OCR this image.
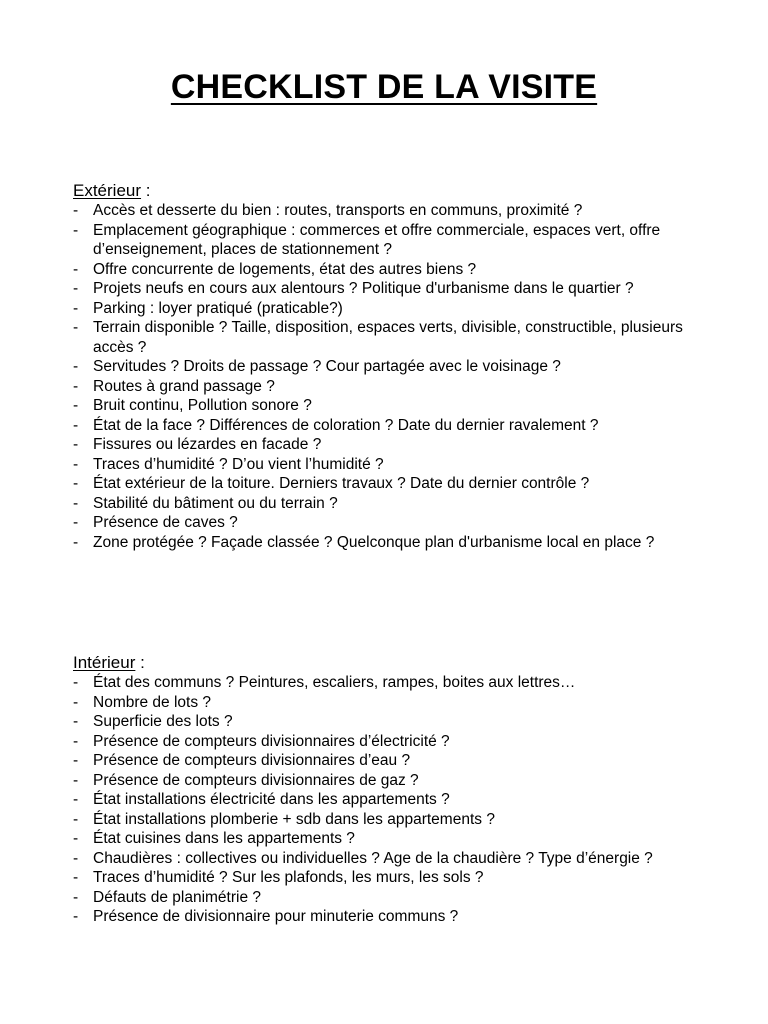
CHECKLIST DE LA VISITE
Extérieur :
- Accès et desserte du bien : routes, transports en communs, proximité ?
- Emplacement géographique : commerces et offre commerciale, espaces vert, offre d’enseignement, places de stationnement ?
- Offre concurrente de logements, état des autres biens ?
- Projets neufs en cours aux alentours ? Politique d'urbanisme dans le quartier ?
- Parking : loyer pratiqué (praticable?)
- Terrain disponible ? Taille, disposition, espaces verts, divisible, constructible, plusieurs accès ?
- Servitudes ? Droits de passage ? Cour partagée avec le voisinage ?
- Routes à grand passage ?
- Bruit continu, Pollution sonore ?
- État de la face ? Différences de coloration ? Date du dernier ravalement ?
- Fissures ou lézardes en facade ?
- Traces d’humidité ? D’ou vient l’humidité ?
- État extérieur de la toiture. Derniers travaux ? Date du dernier contrôle ?
- Stabilité du bâtiment ou du terrain ?
- Présence de caves ?
- Zone protégée ? Façade classée ? Quelconque plan d'urbanisme local en place ?
Intérieur :
- État des communs ? Peintures, escaliers, rampes, boites aux lettres…
- Nombre de lots ?
- Superficie des lots ?
- Présence de compteurs divisionnaires d’électricité ?
- Présence de compteurs divisionnaires d’eau ?
- Présence de compteurs divisionnaires de gaz ?
- État installations électricité dans les appartements ?
- État installations plomberie + sdb dans les appartements ?
- État cuisines dans les appartements ?
- Chaudières : collectives ou individuelles ? Age de la chaudière ? Type d’énergie ?
- Traces d’humidité ? Sur les plafonds, les murs, les sols ?
- Défauts de planimétrie ?
- Présence de divisionnaire pour minuterie communs ?
